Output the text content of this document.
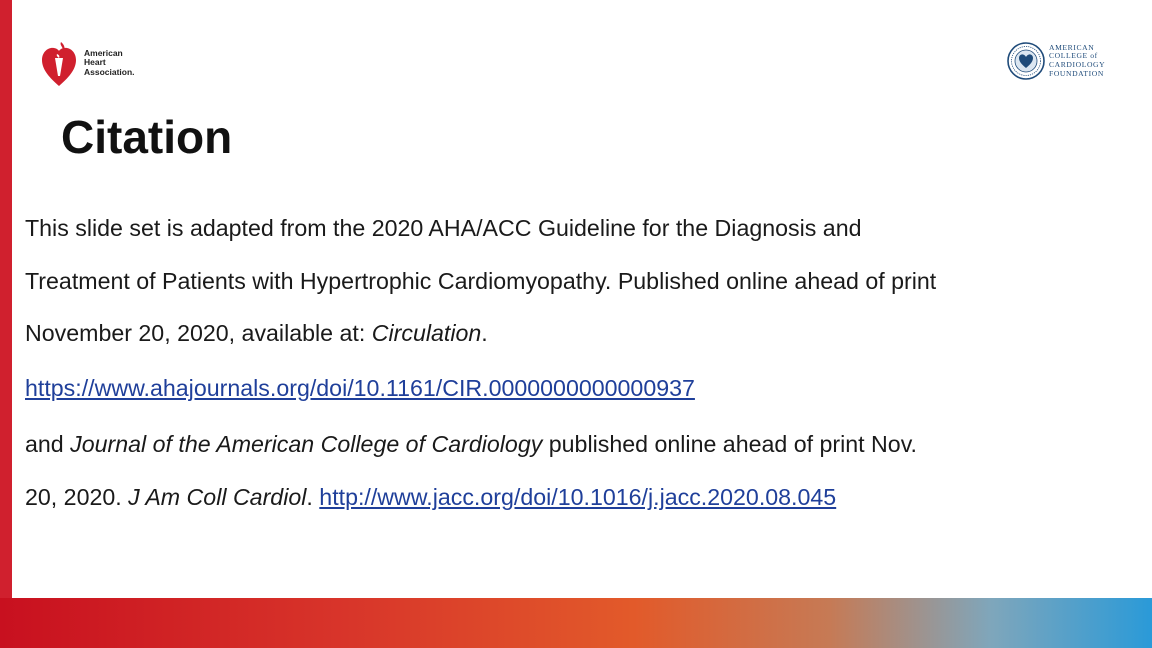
American
Heart
Association.
AMERICAN
COLLEGE of
CARDIOLOGY
FOUNDATION
Citation
This slide set is adapted from the 2020 AHA/ACC Guideline for the Diagnosis and
Treatment of Patients with Hypertrophic Cardiomyopathy. Published online ahead of print
November 20, 2020, available at: Circulation.
https://www.ahajournals.org/doi/10.1161/CIR.0000000000000937
and Journal of the American College of Cardiology published online ahead of print Nov.
20, 2020. J Am Coll Cardiol. http://www.jacc.org/doi/10.1016/j.jacc.2020.08.045
